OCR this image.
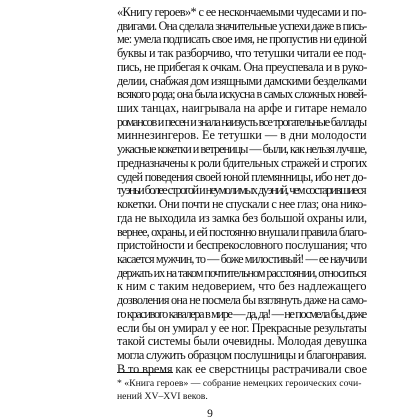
«Книгу героев»* с ее нескончаемыми чудесами и по-
двигами. Она сделала значительные успехи даже в пись-
ме: умела подписать свое имя, не пропустив ни единой
буквы и так разборчиво, что тетушки читали ее под-
пись, не прибегая к очкам. Она преуспевала и в руко-
делии, снабжая дом изящными дамскими безделками
всякого рода; она была искусна в самых сложных новей-
ших танцах, наигрывала на арфе и гитаре немало
романсов и песен и знала наизусть все трогательные баллады
миннезингеров. Ее тетушки — в дни молодости
ужасные кокетки и ветреницы — были, как нельзя лучше,
предназначены к роли бдительных стражей и строгих
судей поведения своей юной племянницы, ибо нет до-
туэньи более строгой и неумолимых дуэний, чем состарившиеся
кокетки. Они почти не спускали с нее глаз; она нико-
гда не выходила из замка без большой охраны или,
вернее, охраны, и ей постоянно внушали правила благо-
пристойности и беспрекословного послушания; что
касается мужчин, то — боже милостивый! — ее научили
держать их на таком почтительном расстоянии, относиться
к ним с таким недоверием, что без надлежащего
дозволения она не посмела бы взглянуть даже на само-
го красивого кавалера в мире — да, да! — не посмела бы, даже
если бы он умирал у ее ног. Прекрасные результаты
такой системы были очевидны. Молодая девушка
могла служить образцом послушницы и благонравия.
В то время как ее сверстницы растрачивали свое
* «Книга героев» — собрание немецких героических сочи-
нений XV–XVI веков.
9
